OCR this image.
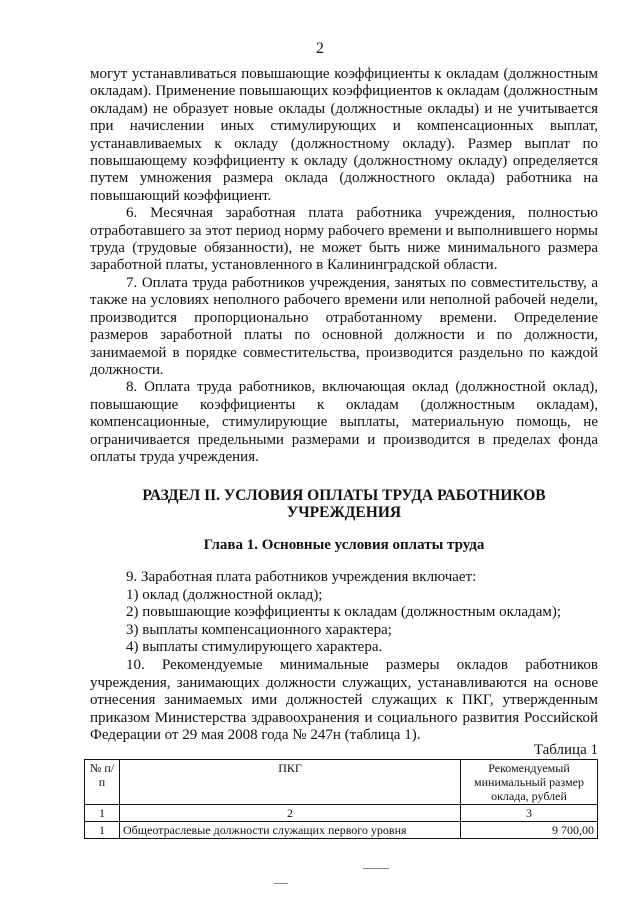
2

могут устанавливаться повышающие коэффициенты к окладам (должностным окладам). Применение повышающих коэффициентов к окладам (должностным окладам) не образует новые оклады (должностные оклады) и не учитывается при начислении иных стимулирующих и компенсационных выплат, устанавливаемых к окладу (должностному окладу). Размер выплат по повышающему коэффициенту к окладу (должностному окладу) определяется путем умножения размера оклада (должностного оклада) работника на повышающий коэффициент.

6. Месячная заработная плата работника учреждения, полностью отработавшего за этот период норму рабочего времени и выполнившего нормы труда (трудовые обязанности), не может быть ниже минимального размера заработной платы, установленного в Калининградской области.

7. Оплата труда работников учреждения, занятых по совместительству, а также на условиях неполного рабочего времени или неполной рабочей недели, производится пропорционально отработанному времени. Определение размеров заработной платы по основной должности и по должности, занимаемой в порядке совместительства, производится раздельно по каждой должности.

8. Оплата труда работников, включающая оклад (должностной оклад), повышающие коэффициенты к окладам (должностным окладам), компенсационные, стимулирующие выплаты, материальную помощь, не ограничивается предельными размерами и производится в пределах фонда оплаты труда учреждения.

РАЗДЕЛ II. УСЛОВИЯ ОПЛАТЫ ТРУДА РАБОТНИКОВ УЧРЕЖДЕНИЯ
Глава 1. Основные условия оплаты труда

9. Заработная плата работников учреждения включает:

1) оклад (должностной оклад);

2) повышающие коэффициенты к окладам (должностным окладам);

3) выплаты компенсационного характера;

4) выплаты стимулирующего характера.

10. Рекомендуемые минимальные размеры окладов работников учреждения, занимающих должности служащих, устанавливаются на основе отнесения занимаемых ими должностей служащих к ПКГ, утвержденным приказом Министерства здравоохранения и социального развития Российской Федерации от 29 мая 2008 года № 247н (таблица 1).

Таблица 1
№ п/п	ПКГ	Рекомендуемый минимальный размер оклада, рублей
1	2	3
1	Общеотраслевые должности служащих первого уровня	9 700,00
